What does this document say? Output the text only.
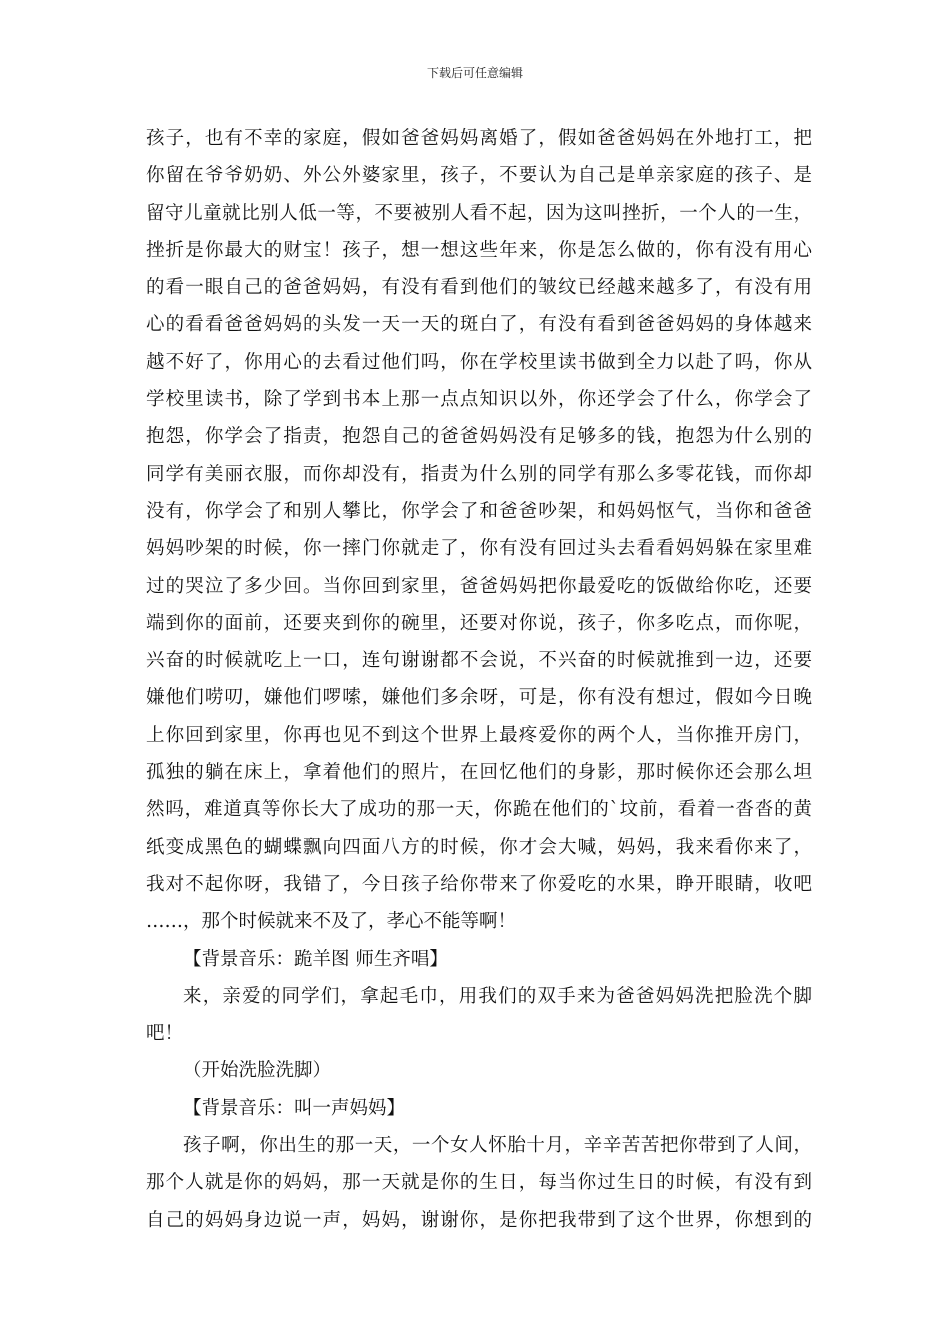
下载后可任意编辑
孩子，也有不幸的家庭，假如爸爸妈妈离婚了，假如爸爸妈妈在外地打工，把
你留在爷爷奶奶、外公外婆家里，孩子，不要认为自己是单亲家庭的孩子、是
留守儿童就比别人低一等，不要被别人看不起，因为这叫挫折，一个人的一生，
挫折是你最大的财宝！孩子，想一想这些年来，你是怎么做的，你有没有用心
的看一眼自己的爸爸妈妈，有没有看到他们的皱纹已经越来越多了，有没有用
心的看看爸爸妈妈的头发一天一天的斑白了，有没有看到爸爸妈妈的身体越来
越不好了，你用心的去看过他们吗，你在学校里读书做到全力以赴了吗，你从
学校里读书，除了学到书本上那一点点知识以外，你还学会了什么，你学会了
抱怨，你学会了指责，抱怨自己的爸爸妈妈没有足够多的钱，抱怨为什么别的
同学有美丽衣服，而你却没有，指责为什么别的同学有那么多零花钱，而你却
没有，你学会了和别人攀比，你学会了和爸爸吵架，和妈妈怄气，当你和爸爸
妈妈吵架的时候，你一摔门你就走了，你有没有回过头去看看妈妈躲在家里难
过的哭泣了多少回。当你回到家里，爸爸妈妈把你最爱吃的饭做给你吃，还要
端到你的面前，还要夹到你的碗里，还要对你说，孩子，你多吃点，而你呢，
兴奋的时候就吃上一口，连句谢谢都不会说，不兴奋的时候就推到一边，还要
嫌他们唠叨，嫌他们啰嗦，嫌他们多余呀，可是，你有没有想过，假如今日晚
上你回到家里，你再也见不到这个世界上最疼爱你的两个人，当你推开房门，
孤独的躺在床上，拿着他们的照片，在回忆他们的身影，那时候你还会那么坦
然吗，难道真等你长大了成功的那一天，你跪在他们的`坟前，看着一沓沓的黄
纸变成黑色的蝴蝶飘向四面八方的时候，你才会大喊，妈妈，我来看你来了，
我对不起你呀，我错了，今日孩子给你带来了你爱吃的水果，睁开眼睛，收吧
……，那个时候就来不及了，孝心不能等啊！
【背景音乐：跪羊图 师生齐唱】
来，亲爱的同学们，拿起毛巾，用我们的双手来为爸爸妈妈洗把脸洗个脚
吧！
（开始洗脸洗脚）
【背景音乐：叫一声妈妈】
孩子啊，你出生的那一天，一个女人怀胎十月，辛辛苦苦把你带到了人间，
那个人就是你的妈妈，那一天就是你的生日，每当你过生日的时候，有没有到
自己的妈妈身边说一声，妈妈，谢谢你，是你把我带到了这个世界，你想到的
